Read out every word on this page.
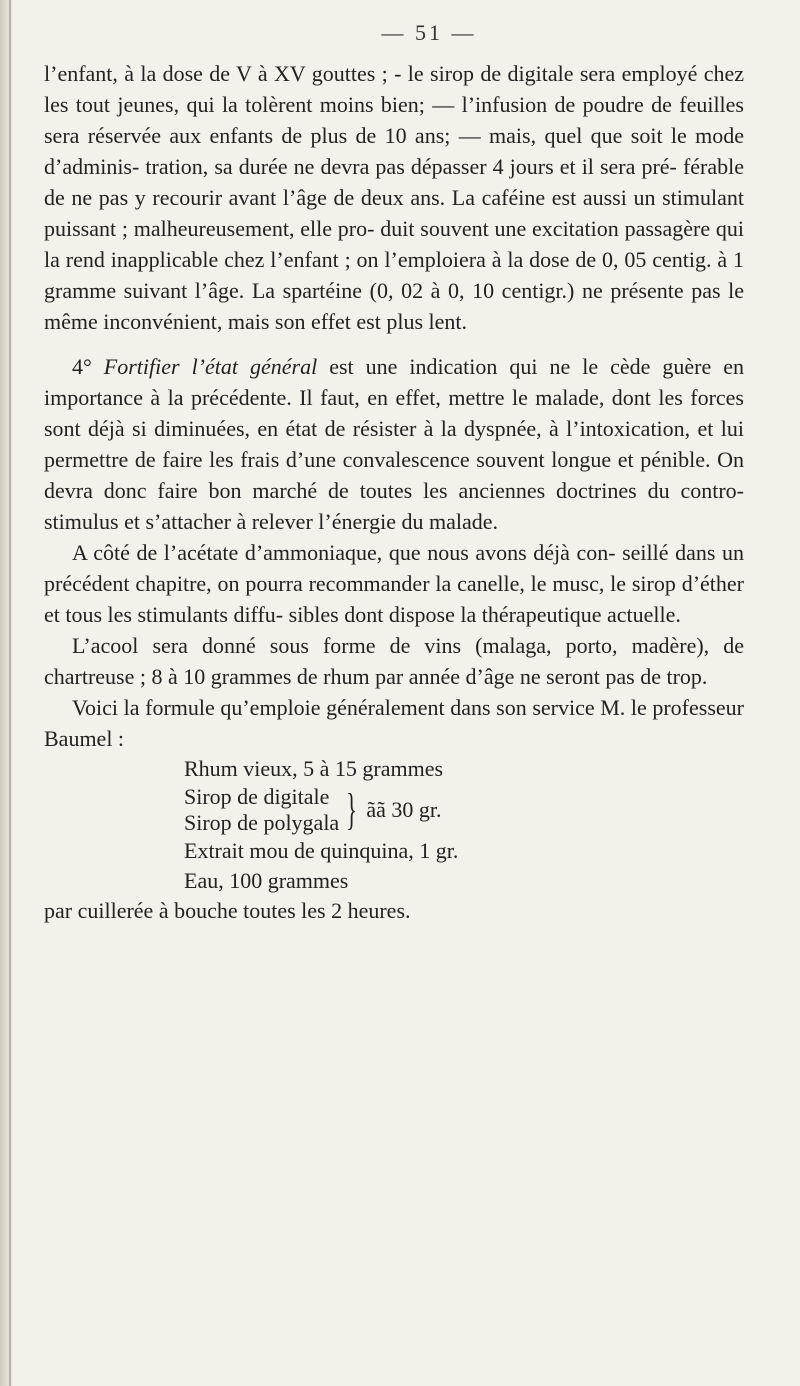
— 51 —

l’enfant, à la dose de V à XV gouttes ; - le sirop de digitale sera employé chez les tout jeunes, qui la tolèrent moins bien; — l’infusion de poudre de feuilles sera réservée aux enfants de plus de 10 ans; — mais, quel que soit le mode d’adminis- tration, sa durée ne devra pas dépasser 4 jours et il sera pré- férable de ne pas y recourir avant l’âge de deux ans. La caféine est aussi un stimulant puissant ; malheureusement, elle pro- duit souvent une excitation passagère qui la rend inapplicable chez l’enfant ; on l’emploiera à la dose de 0, 05 centig. à 1 gramme suivant l’âge. La spartéine (0, 02 à 0, 10 centigr.) ne présente pas le même inconvénient, mais son effet est plus lent.

4° Fortifier l’état général est une indication qui ne le cède guère en importance à la précédente. Il faut, en effet, mettre le malade, dont les forces sont déjà si diminuées, en état de résister à la dyspnée, à l’intoxication, et lui permettre de faire les frais d’une convalescence souvent longue et pénible. On devra donc faire bon marché de toutes les anciennes doctrines du contro-stimulus et s’attacher à relever l’énergie du malade.

A côté de l’acétate d’ammoniaque, que nous avons déjà con- seillé dans un précédent chapitre, on pourra recommander la canelle, le musc, le sirop d’éther et tous les stimulants diffu- sibles dont dispose la thérapeutique actuelle.

L’acool sera donné sous forme de vins (malaga, porto, madère), de chartreuse ; 8 à 10 grammes de rhum par année d’âge ne seront pas de trop.

Voici la formule qu’emploie généralement dans son service M. le professeur Baumel :

Rhum vieux, 5 à 15 grammes
Sirop de digitale
Sirop de polygala } ãã 30 gr.
Extrait mou de quinquina, 1 gr.
Eau, 100 grammes

par cuillerée à bouche toutes les 2 heures.
